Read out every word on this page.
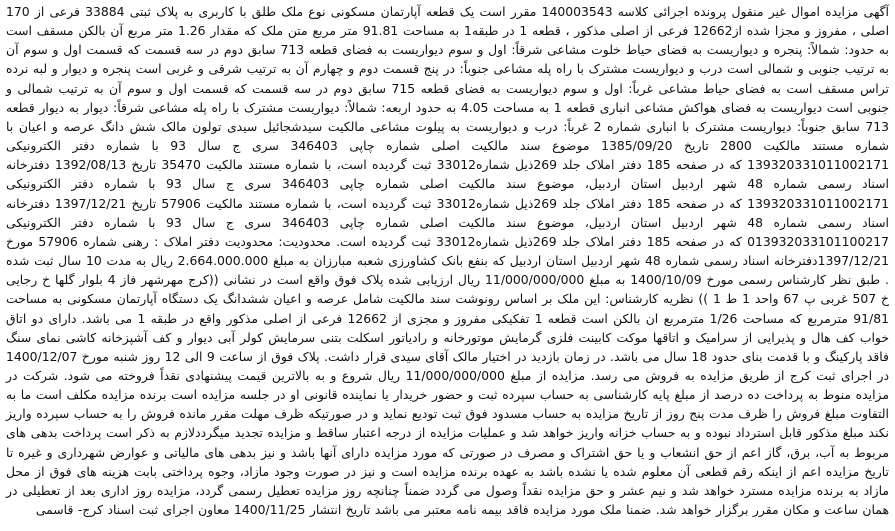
آگهی مزایده اموال غیر منقول پرونده اجرائی کلاسه 140003543 مقرر است یک قطعه آپارتمان مسکونی نوع ملک طلق با کاربری به پلاک ثبتی 33884 فرعی از 170 اصلی ، مفروز و مجزا شده از12662 فرعی از اصلی مذکور ، قطعه 1 در طبقه1 به مساحت 91.81 متر مربع متن ملک که مقدار 1.26 متر مربع آن بالکن مسقف است به حدود: شمالاً: پنجره و دیواریست به فضای حیاط خلوت مشاعی شرقاً: اول و سوم دیواریست به فضای قطعه 713 سابق دوم در سه قسمت که قسمت اول و سوم آن به ترتیب جنوبی و شمالی است درب و دیواریست مشترک با راه پله مشاعی جنوباً: در پنج قسمت دوم و چهارم آن به ترتیب شرقی و غربی است پنجره و دیوار و لبه نرده تراس مسقف است به فضای حیاط مشاعی غرباً: اول و سوم دیواریست به فضای قطعه 715 سابق دوم در سه قسمت که قسمت اول و سوم آن به ترتیب شمالی و جنوبی است دیواریست به فضای هواکش مشاعی انباری قطعه 1 به مساحت 4.05 به حدود اربعه: شمالاً: دیواریست مشترک با راه پله مشاعی شرقاً: دیوار به دیوار قطعه 713 سابق جنوباً: دیواریست مشترک با انباری شماره 2 غرباً: درب و دیواریست به پیلوت مشاعی مالکیت سیدشجائیل سیدی تولون مالک شش دانگ عرصه و اعیان با شماره مستند مالکیت 2800 تاریخ 1385/09/20 موضوع سند مالکیت اصلی شماره چاپی 346403 سری ج سال 93 با شماره دفتر الکترونیکی 139320331011002171 که در صفحه 185 دفتر املاک جلد 269ذیل شماره33012 ثبت گردیده است، با شماره مستند مالکیت 35470 تاریخ 1392/08/13 دفترخانه اسناد رسمی شماره 48 شهر اردبیل استان اردبیل، موضوع سند مالکیت اصلی شماره چاپی 346403 سری ج سال 93 با شماره دفتر الکترونیکی 139320331011002171 که در صفحه 185 دفتر املاک جلد 269ذیل شماره33012 ثبت گردیده است، با شماره مستند مالکیت 57906 تاریخ 1397/12/21 دفترخانه اسناد رسمی شماره 48 شهر اردبیل استان اردبیل، موضوع سند مالکیت اصلی شماره چاپی 346403 سری ج سال 93 با شماره دفتر الکترونیکی 013932033101100217 که در صفحه 185 دفتر املاک جلد 269ذیل شماره33012 ثبت گردیده است. محدودیت: محدودیت دفتر املاک : رهنی شماره 57906 مورخ 1397/12/21دفترخانه اسناد رسمی شماره 48 شهر اردبیل استان اردبیل که بنفع بانک کشاورزی شعبه مبارزان به مبلغ 2.664.000.000 ریال به مدت 10 سال ثبت شده . طبق نظر کارشناس رسمی مورخ 1400/10/09 به مبلغ 11/000/000/000 ریال ارزیابی شده پلاک فوق واقع است در نشانی ((کرج مهرشهر فاز 4 بلوار گلها خ رجایی خ 507 غربی پ 67 واحد 1 ط 1 )) نظریه کارشناس: این ملک بر اساس رونوشت سند مالکیت شامل عرصه و اعیان ششدانگ یک دستگاه آپارتمان مسکونی به مساحت 91/81 مترمربع که مساحت 1/26 مترمربع ان بالکن است قطعه 1 تفکیکی مفروز و مجزی از 12662 فرعی از اصلی مذکور واقع در طبقه 1 می باشد. دارای دو اتاق خواب کف هال و پذیرایی از سرامیک و اتاقها موکت کابینت فلزی گرمایش موتورخانه و رادیاتور اسکلت بتنی سرمایش کولر آبی دیوار و کف آشپزخانه کاشی نمای سنگ فاقد پارکینگ و با قدمت بنای حدود 18 سال می باشد. در زمان بازدید در اختیار مالک آقای سیدی قرار داشت. پلاک فوق از ساعت 9 الی 12 روز شنبه مورخ 1400/12/07 در اجرای ثبت کرج از طریق مزایده به فروش می رسد. مزایده از مبلغ 11/000/000/000 ریال شروع و به بالاترین قیمت پیشنهادی نقداً فروخته می شود. شرکت در مزایده منوط به پرداخت ده درصد از مبلغ پایه کارشناسی به حساب سپرده ثبت و حضور خریدار یا نماینده قانونی او در جلسه مزایده است برنده مزایده مکلف است ما به التفاوت مبلغ فروش را ظرف مدت پنج روز از تاریخ مزایده به حساب مسدود فوق ثبت تودیع نماید و در صورتیکه ظرف مهلت مقرر مانده فروش را به حساب سپرده واریز نکند مبلغ مذکور قابل استرداد نبوده و به حساب خزانه واریز خواهد شد و عملیات مزایده از درجه اعتبار ساقط و مزایده تجدید میگرددلازم به ذکر است پرداخت بدهی های مربوط به آب، برق، گاز اعم از حق انشعاب و یا حق اشتراک و مصرف در صورتی که مورد مزایده دارای آنها باشد و نیز بدهی های مالیاتی و عوارض شهرداری و غیره تا تاریخ مزایده اعم از اینکه رقم قطعی آن معلوم شده یا نشده باشد به عهده برنده مزایده است و نیز در صورت وجود مازاد، وجوه پرداختی بابت هزینه های فوق از محل مازاد به برنده مزایده مسترد خواهد شد و نیم عشر و حق مزایده نقداً وصول می گردد ضمناً چنانچه روز مزایده تعطیل رسمی گردد، مزایده روز اداری بعد از تعطیلی در همان ساعت و مکان مقرر برگزار خواهد شد. ضمنا ملک مورد مزایده فاقد بیمه نامه معتبر می باشد تاریخ انتشار 1400/11/25 معاون اجرای ثبت اسناد کرج- قاسمی
